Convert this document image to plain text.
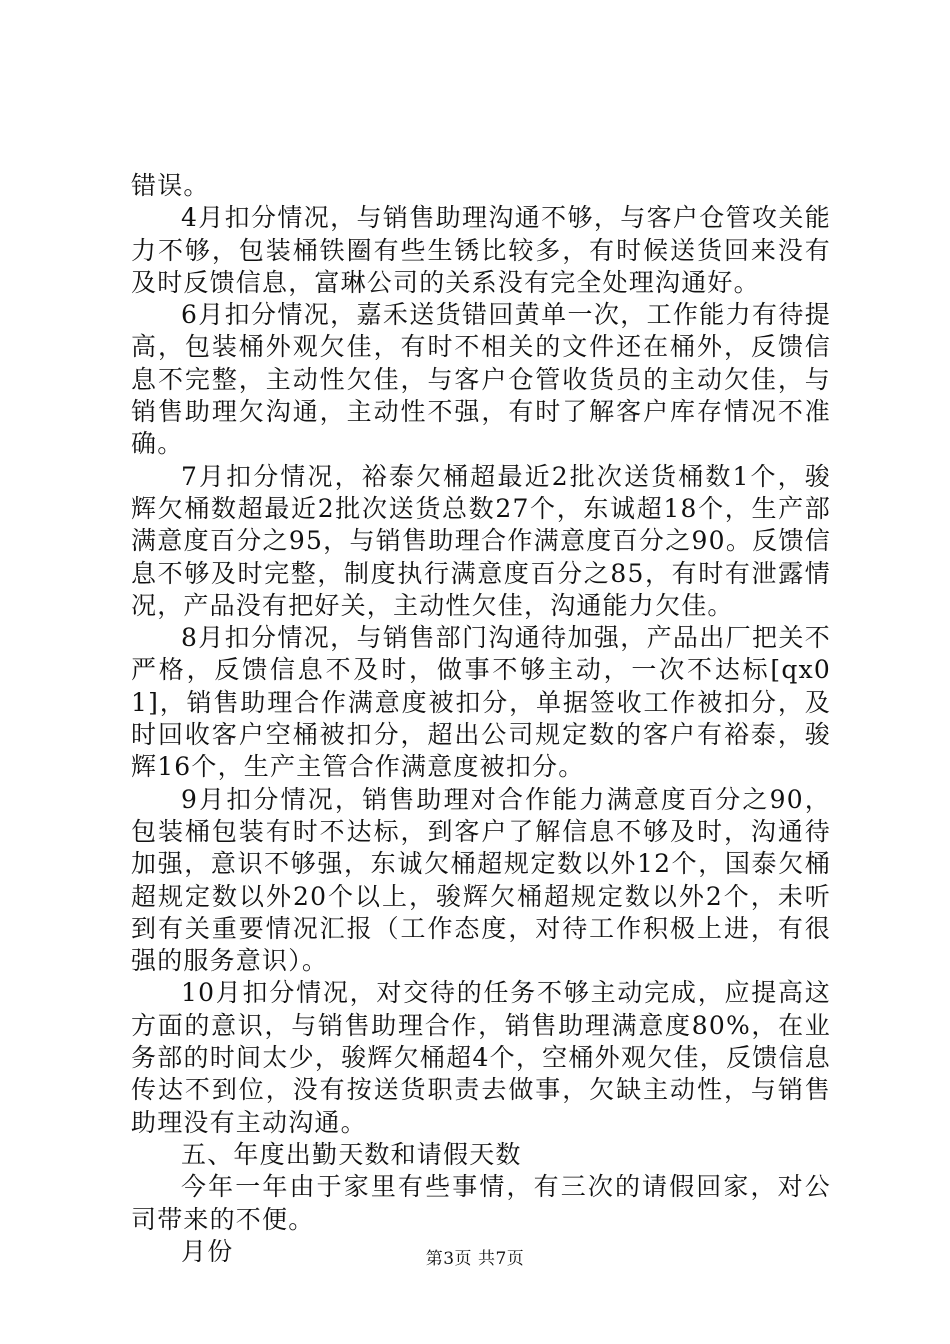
错误。

4月扣分情况，与销售助理沟通不够，与客户仓管攻关能力不够，包装桶铁圈有些生锈比较多，有时候送货回来没有及时反馈信息，富琳公司的关系没有完全处理沟通好。

6月扣分情况，嘉禾送货错回黄单一次，工作能力有待提高，包装桶外观欠佳，有时不相关的文件还在桶外，反馈信息不完整，主动性欠佳，与客户仓管收货员的主动欠佳，与销售助理欠沟通，主动性不强，有时了解客户库存情况不准确。

7月扣分情况，裕泰欠桶超最近2批次送货桶数1个，骏辉欠桶数超最近2批次送货总数27个，东诚超18个，生产部满意度百分之95，与销售助理合作满意度百分之90。反馈信息不够及时完整，制度执行满意度百分之85，有时有泄露情况，产品没有把好关，主动性欠佳，沟通能力欠佳。

8月扣分情况，与销售部门沟通待加强，产品出厂把关不严格，反馈信息不及时，做事不够主动，一次不达标[qx01]，销售助理合作满意度被扣分，单据签收工作被扣分，及时回收客户空桶被扣分，超出公司规定数的客户有裕泰，骏辉16个，生产主管合作满意度被扣分。

9月扣分情况，销售助理对合作能力满意度百分之90，包装桶包装有时不达标，到客户了解信息不够及时，沟通待加强，意识不够强，东诚欠桶超规定数以外12个，国泰欠桶超规定数以外20个以上，骏辉欠桶超规定数以外2个，未听到有关重要情况汇报（工作态度，对待工作积极上进，有很强的服务意识）。

10月扣分情况，对交待的任务不够主动完成，应提高这方面的意识，与销售助理合作，销售助理满意度80%，在业务部的时间太少，骏辉欠桶超4个，空桶外观欠佳，反馈信息传达不到位，没有按送货职责去做事，欠缺主动性，与销售助理没有主动沟通。

五、年度出勤天数和请假天数

今年一年由于家里有些事情，有三次的请假回家，对公司带来的不便。

月份	第3页 共7页
